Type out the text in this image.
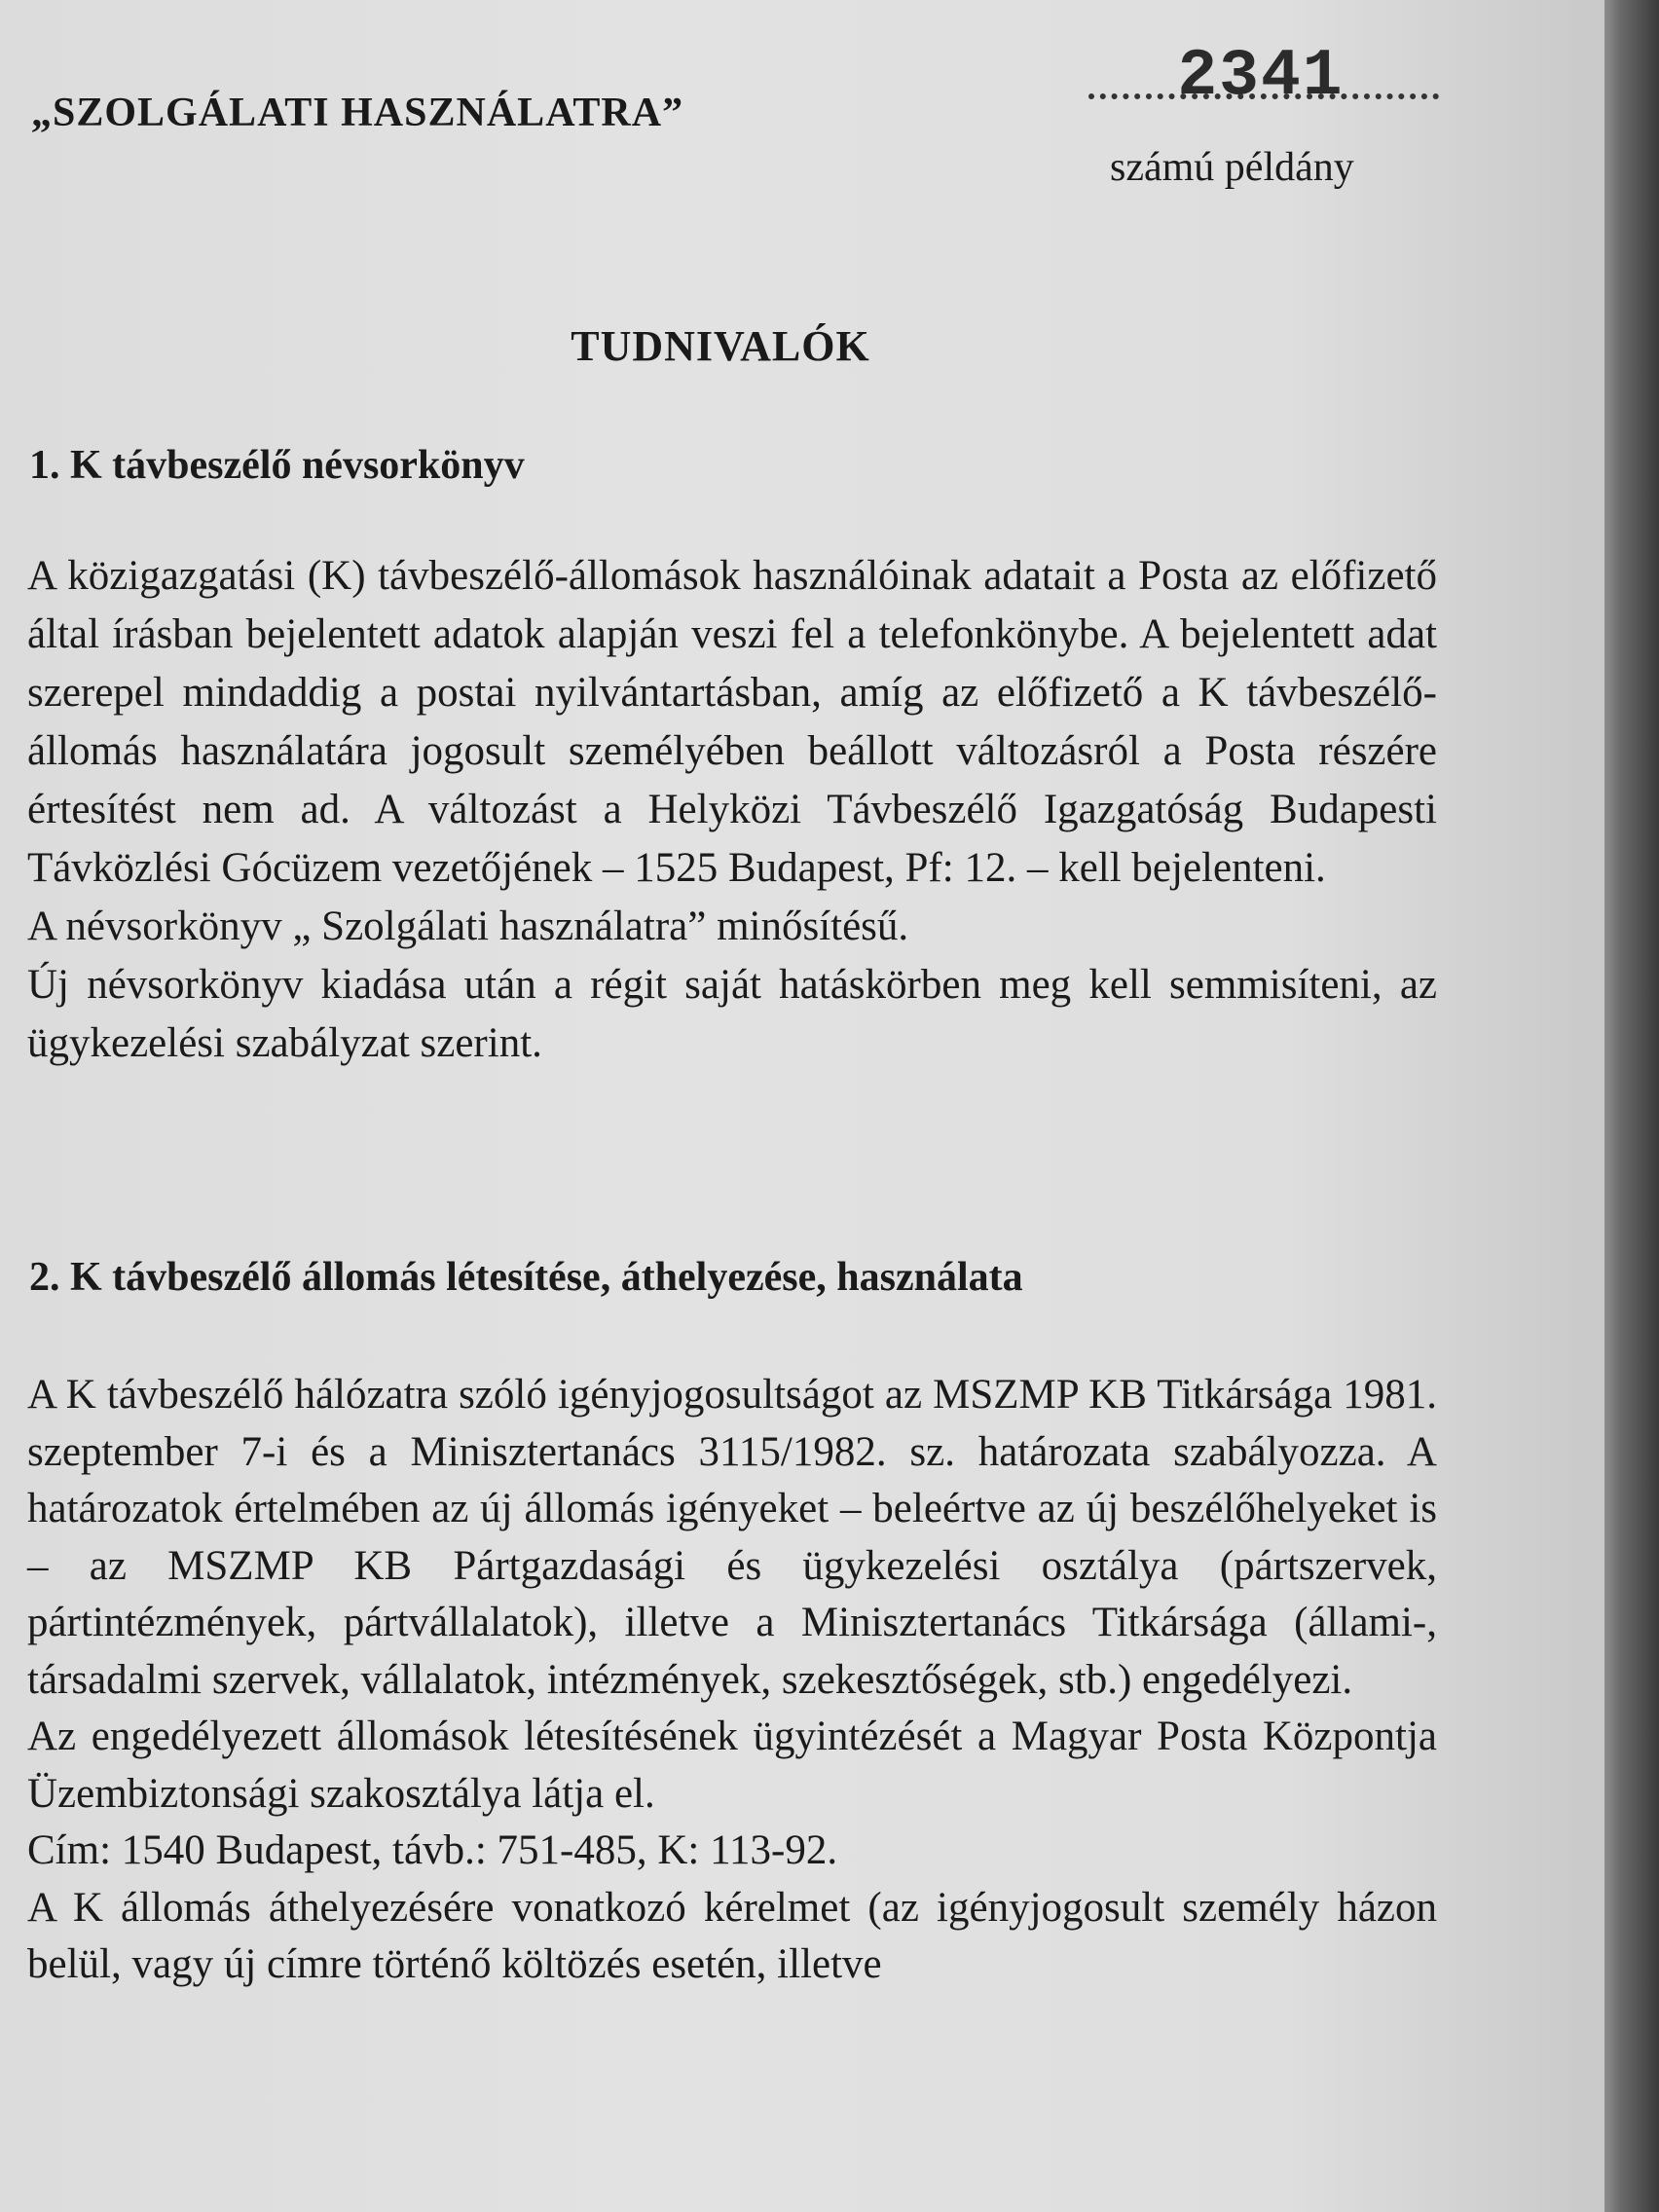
„SZOLGÁLATI HASZNÁLATRA”	2341
számú példány
TUDNIVALÓK
1. K távbeszélő névsorkönyv

A közigazgatási (K) távbeszélő-állomások használóinak adatait a Posta az előfizető által írásban bejelentett adatok alapján veszi fel a telefonkönybe. A bejelentett adat szerepel mindaddig a postai nyilvántartásban, amíg az előfizető a K távbeszélő-állomás használatára jogosult személyében beállott változásról a Posta részére értesítést nem ad. A változást a Helyközi Távbeszélő Igazgatóság Budapesti Távközlési Gócüzem vezetőjének – 1525 Budapest, Pf: 12. – kell bejelenteni.

A névsorkönyv „ Szolgálati használatra” minősítésű.

Új névsorkönyv kiadása után a régit saját hatáskörben meg kell semmisíteni, az ügykezelési szabályzat szerint.

2. K távbeszélő állomás létesítése, áthelyezése, használata

A K távbeszélő hálózatra szóló igényjogosultságot az MSZMP KB Titkársága 1981. szeptember 7-i és a Minisztertanács 3115/1982. sz. határozata szabályozza. A határozatok értelmében az új állomás igényeket – beleértve az új beszélőhelyeket is – az MSZMP KB Pártgazdasági és ügykezelési osztálya (pártszervek, pártintézmények, pártvállalatok), illetve a Minisztertanács Titkársága (állami-, társadalmi szervek, vállalatok, intézmények, szekesztőségek, stb.) engedélyezi.

Az engedélyezett állomások létesítésének ügyintézését a Magyar Posta Központja Üzembiztonsági szakosztálya látja el.

Cím: 1540 Budapest, távb.: 751-485, K: 113-92.

A K állomás áthelyezésére vonatkozó kérelmet (az igényjogosult személy házon belül, vagy új címre történő költözés esetén, illetve
